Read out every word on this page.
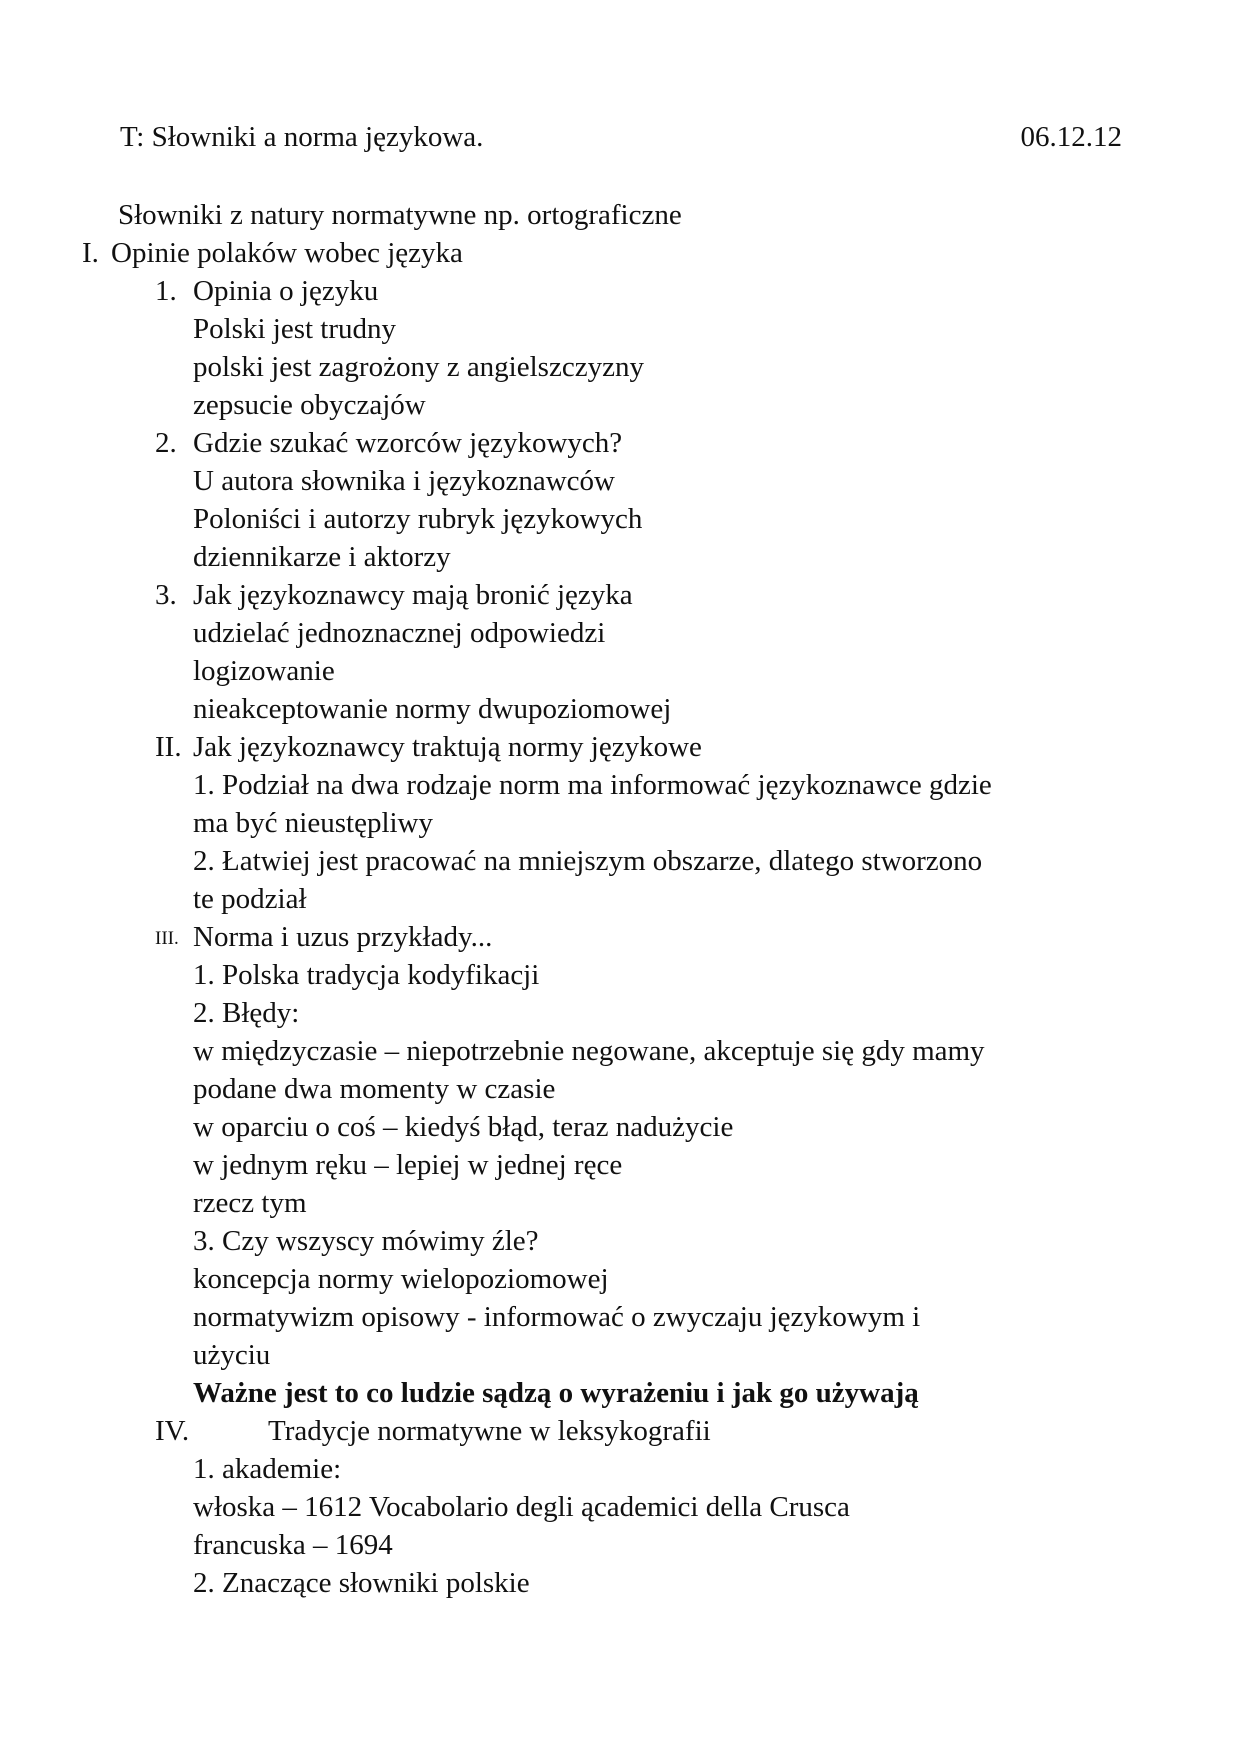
T: Słowniki a norma językowa.	06.12.12

Słowniki z natury normatywne np. ortograficzne

I. Opinie polaków wobec języka

1. Opinia o języku

Polski jest trudny

polski jest zagrożony z angielszczyzny

zepsucie obyczajów

2. Gdzie szukać wzorców językowych?

U autora słownika i językoznawców

Poloniści i autorzy rubryk językowych

dziennikarze i aktorzy

3. Jak językoznawcy mają bronić języka

udzielać jednoznacznej odpowiedzi

logizowanie

nieakceptowanie normy dwupoziomowej

II. Jak językoznawcy traktują normy językowe

1. Podział na dwa rodzaje norm ma informować językoznawce gdzie

ma być nieustępliwy

2. Łatwiej jest pracować na mniejszym obszarze, dlatego stworzono

te podział

III. Norma i uzus przykłady...

1. Polska tradycja kodyfikacji

2. Błędy:

w międzyczasie – niepotrzebnie negowane, akceptuje się gdy mamy

podane dwa momenty w czasie

w oparciu o coś – kiedyś błąd, teraz nadużycie

w jednym ręku – lepiej w jednej ręce

rzecz tym

3. Czy wszyscy mówimy źle?

koncepcja normy wielopoziomowej

normatywizm opisowy - informować o zwyczaju językowym i

użyciu

Ważne jest to co ludzie sądzą o wyrażeniu i jak go używają

IV.	Tradycje normatywne w leksykografii

1. akademie:

włoska – 1612 Vocabolario degli ącademici della Crusca

francuska – 1694

2. Znaczące słowniki polskie
